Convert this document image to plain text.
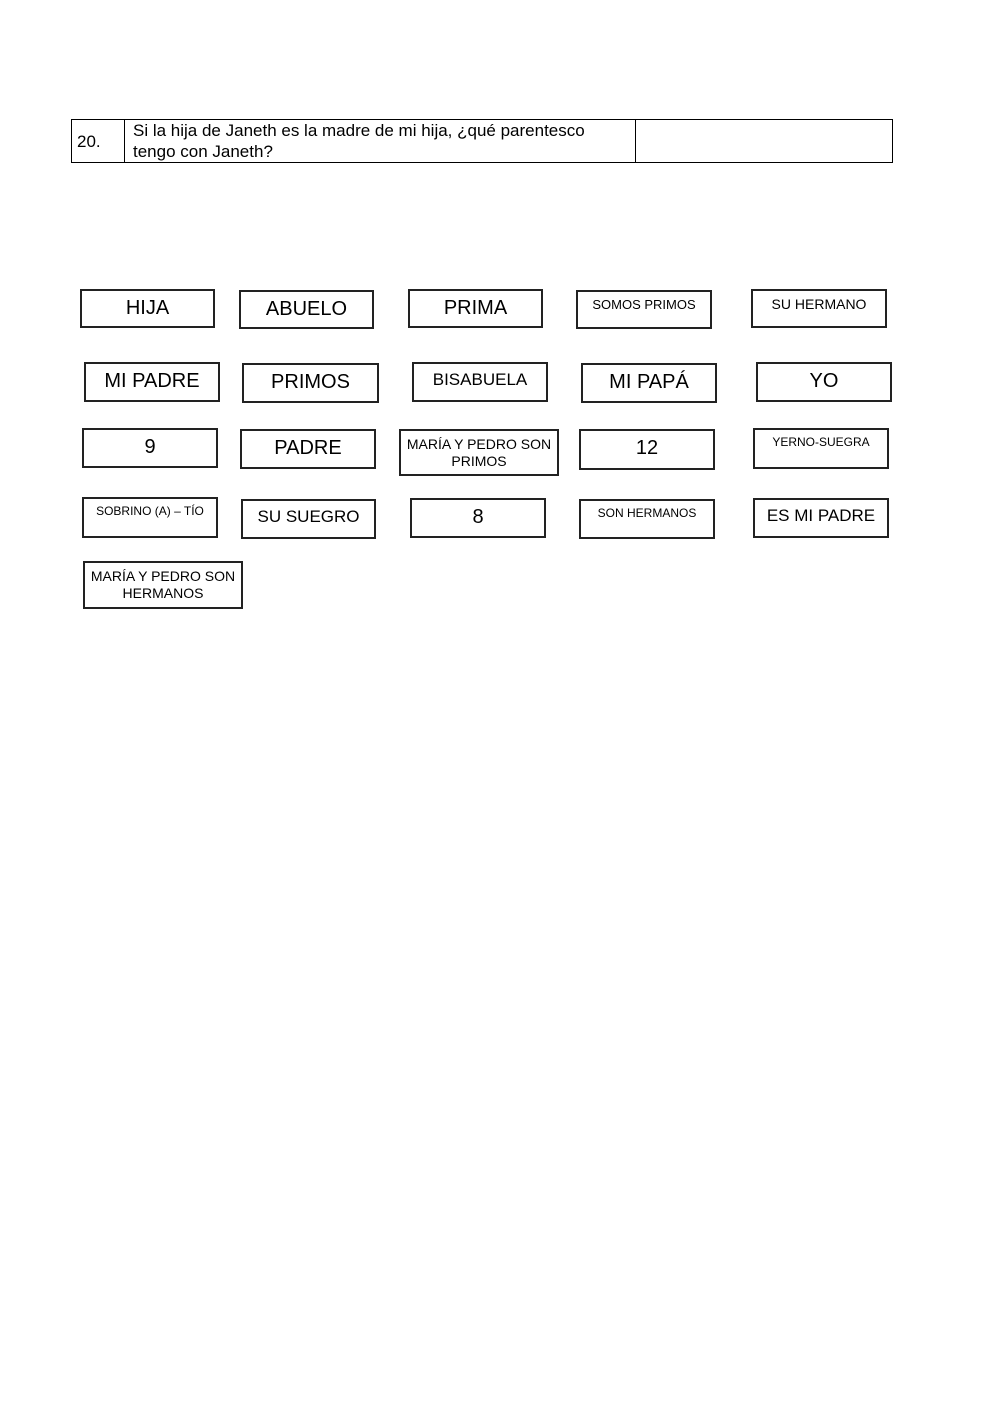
20.	Si la hija de Janeth es la madre de mi hija, ¿qué parentesco tengo con Janeth?	
HIJA	ABUELO	PRIMA	SOMOS PRIMOS	SU HERMANO
MI PADRE	PRIMOS	BISABUELA	MI PAPÁ	YO
9	PADRE	MARÍA Y PEDRO SON PRIMOS
12	YERNO-SUEGRA
SOBRINO (A) – TÍO	SU SUEGRO	8	SON HERMANOS	ES MI PADRE
MARÍA Y PEDRO SON HERMANOS
